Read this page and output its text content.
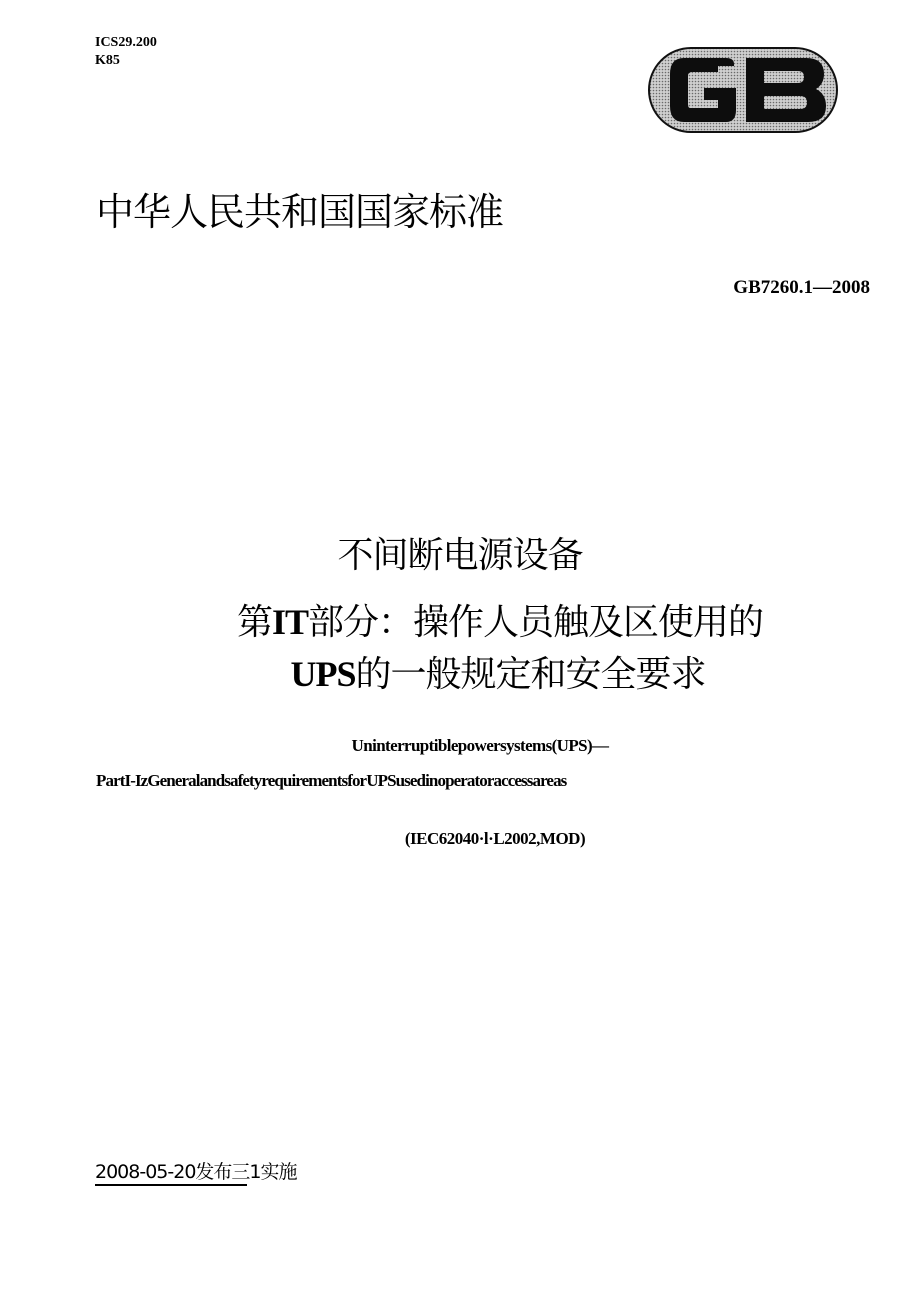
ICS29.200
K85
中华人民共和国国家标准
GB7260.1—2008
不间断电源设备
第IT部分：操作人员触及区使用的
UPS的一般规定和安全要求
Uninterruptiblepowersystems(UPS)—
PartI-IzGeneralandsafetyrequirementsforUPSusedinoperatoraccessareas
(IEC62040·l·L2002,MOD)
2008-05-20发布三1实施
